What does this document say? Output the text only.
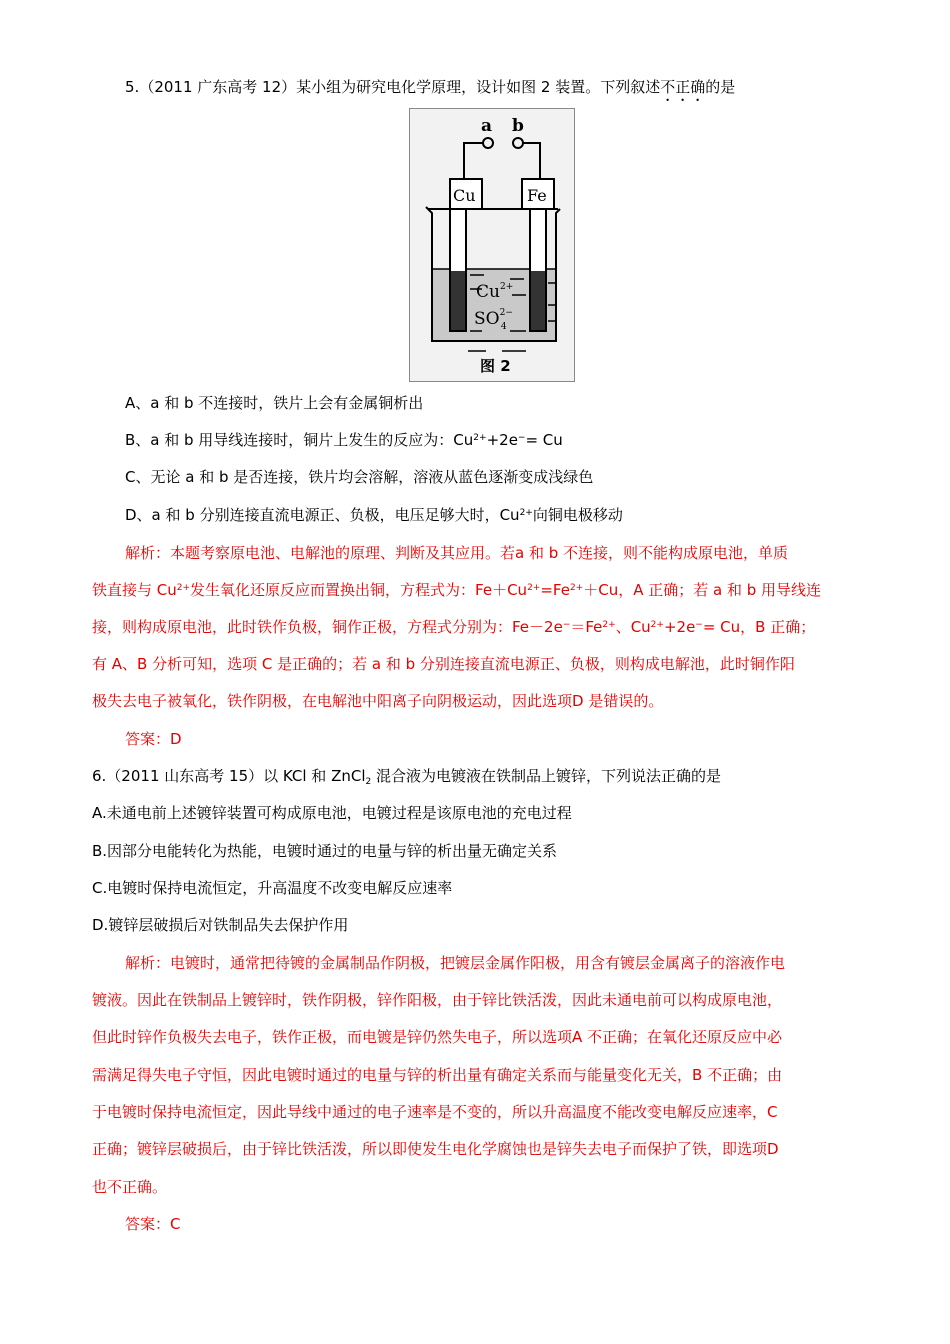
5.（2011 广东高考 12）某小组为研究电化学原理，设计如图 2 装置。下列叙述不正确的是
a b
Cu	Fe
$Cu^{2+}$
$SO^{2-}$ 4
图 2
A、a 和 b 不连接时，铁片上会有金属铜析出
B、a 和 b 用导线连接时，铜片上发生的反应为：$Cu^{2+}+2e^-= Cu$
C、无论 a 和 b 是否连接，铁片均会溶解，溶液从蓝色逐渐变成浅绿色
D、a 和 b 分别连接直流电源正、负极，电压足够大时，$Cu^{2+}$向铜电极移动
解析：本题考察原电池、电解池的原理、判断及其应用。若a 和 b 不连接，则不能构成原电池，单质
铁直接与 $Cu^{2+}$发生氧化还原反应而置换出铜，方程式为：$Fe+Cu^{2+}=Fe^{2+}+Cu$，A 正确；若 a 和 b 用导线连
接，则构成原电池，此时铁作负极，铜作正极，方程式分别为：$Fe-2e^-=Fe^{2+}$、$Cu^{2+}+2e^-= Cu$，B 正确；
有 A、B 分析可知，选项 C 是正确的；若 a 和 b 分别连接直流电源正、负极，则构成电解池，此时铜作阳
极失去电子被氧化，铁作阴极，在电解池中阳离子向阴极运动，因此选项D 是错误的。
答案：D
6.（2011 山东高考 15）以 KCl 和 ZnCl$_2$ 混合液为电镀液在铁制品上镀锌，下列说法正确的是
A.未通电前上述镀锌装置可构成原电池，电镀过程是该原电池的充电过程
B.因部分电能转化为热能，电镀时通过的电量与锌的析出量无确定关系
C.电镀时保持电流恒定，升高温度不改变电解反应速率
D.镀锌层破损后对铁制品失去保护作用
解析：电镀时，通常把待镀的金属制品作阴极，把镀层金属作阳极，用含有镀层金属离子的溶液作电
镀液。因此在铁制品上镀锌时，铁作阴极，锌作阳极，由于锌比铁活泼，因此未通电前可以构成原电池，
但此时锌作负极失去电子，铁作正极，而电镀是锌仍然失电子，所以选项A 不正确；在氧化还原反应中必
需满足得失电子守恒，因此电镀时通过的电量与锌的析出量有确定关系而与能量变化无关，B 不正确；由
于电镀时保持电流恒定，因此导线中通过的电子速率是不变的，所以升高温度不能改变电解反应速率，C
正确；镀锌层破损后，由于锌比铁活泼，所以即使发生电化学腐蚀也是锌失去电子而保护了铁，即选项D
也不正确。
答案：C
